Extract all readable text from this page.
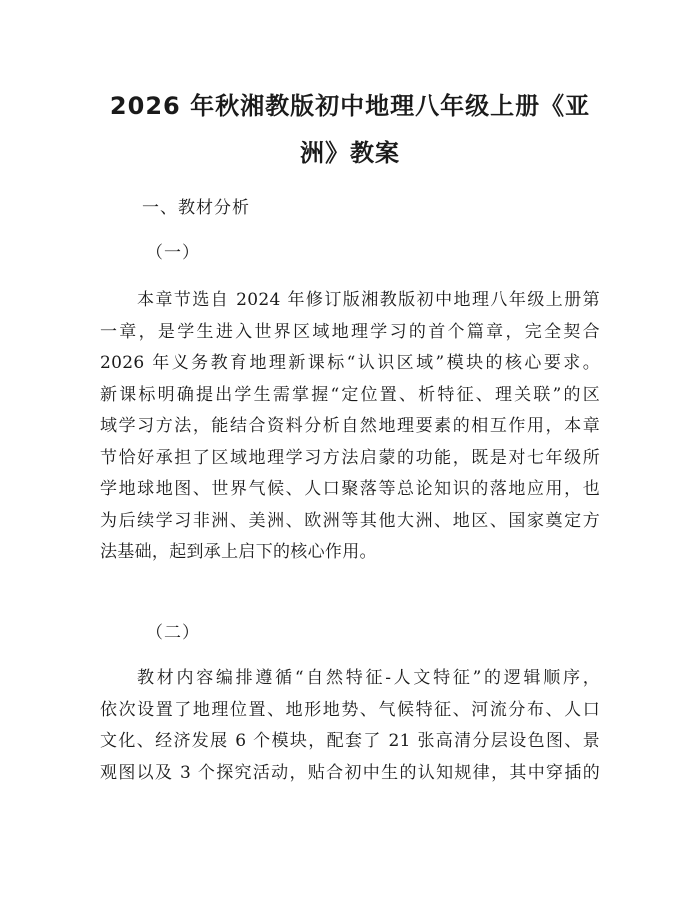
2026 年秋湘教版初中地理八年级上册《亚
洲》教案

一、教材分析

（一）

本章节选自 2024 年修订版湘教版初中地理八年级上册第
一章，是学生进入世界区域地理学习的首个篇章，完全契合
2026 年义务教育地理新课标“认识区域”模块的核心要求。
新课标明确提出学生需掌握“定位置、析特征、理关联”的区
域学习方法，能结合资料分析自然地理要素的相互作用，本章
节恰好承担了区域地理学习方法启蒙的功能，既是对七年级所
学地球地图、世界气候、人口聚落等总论知识的落地应用，也
为后续学习非洲、美洲、欧洲等其他大洲、地区、国家奠定方
法基础，起到承上启下的核心作用。

（二）

教材内容编排遵循“自然特征-人文特征”的逻辑顺序，
依次设置了地理位置、地形地势、气候特征、河流分布、人口
文化、经济发展 6 个模块，配套了 21 张高清分层设色图、景
观图以及 3 个探究活动，贴合初中生的认知规律，其中穿插的
